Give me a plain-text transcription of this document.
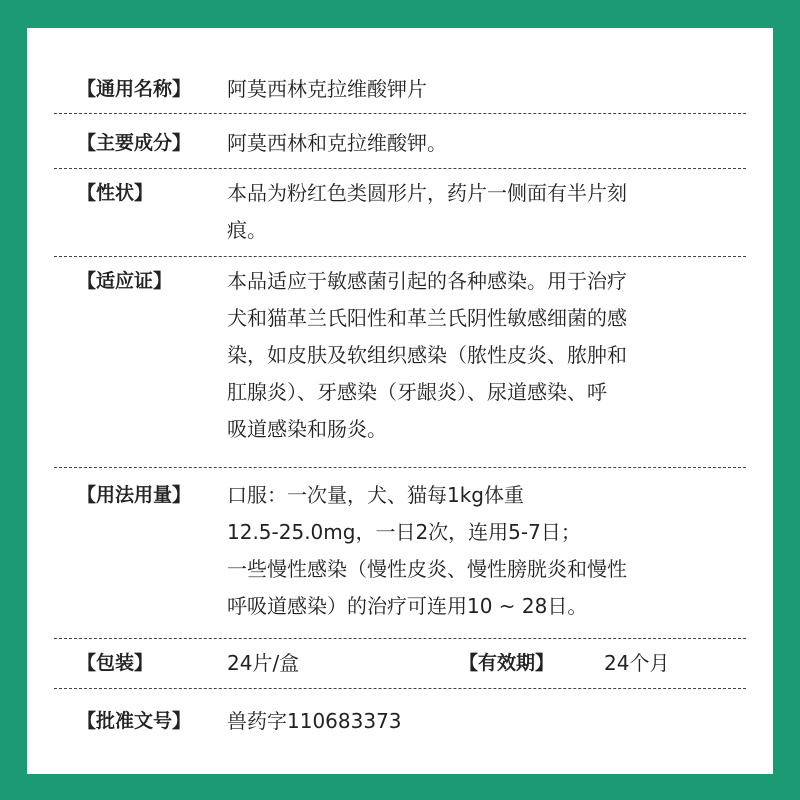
【通用名称】 阿莫西林克拉维酸钾片
【主要成分】 阿莫西林和克拉维酸钾。
【性状】	本品为粉红色类圆形片，药片一侧面有半片刻
痕。
【适应证】	本品适应于敏感菌引起的各种感染。用于治疗
犬和猫革兰氏阳性和革兰氏阴性敏感细菌的感
染，如皮肤及软组织感染（脓性皮炎、脓肿和
肛腺炎）、牙感染（牙龈炎）、尿道感染、呼
吸道感染和肠炎。
【用法用量】 口服：一次量，犬、猫每1kg体重
12.5-25.0mg，一日2次，连用5-7日；
一些慢性感染（慢性皮炎、慢性膀胱炎和慢性
呼吸道感染）的治疗可连用10 ~ 28日。
【包装】	24片/盒	【有效期】 24个月
【批准文号】 兽药字110683373
